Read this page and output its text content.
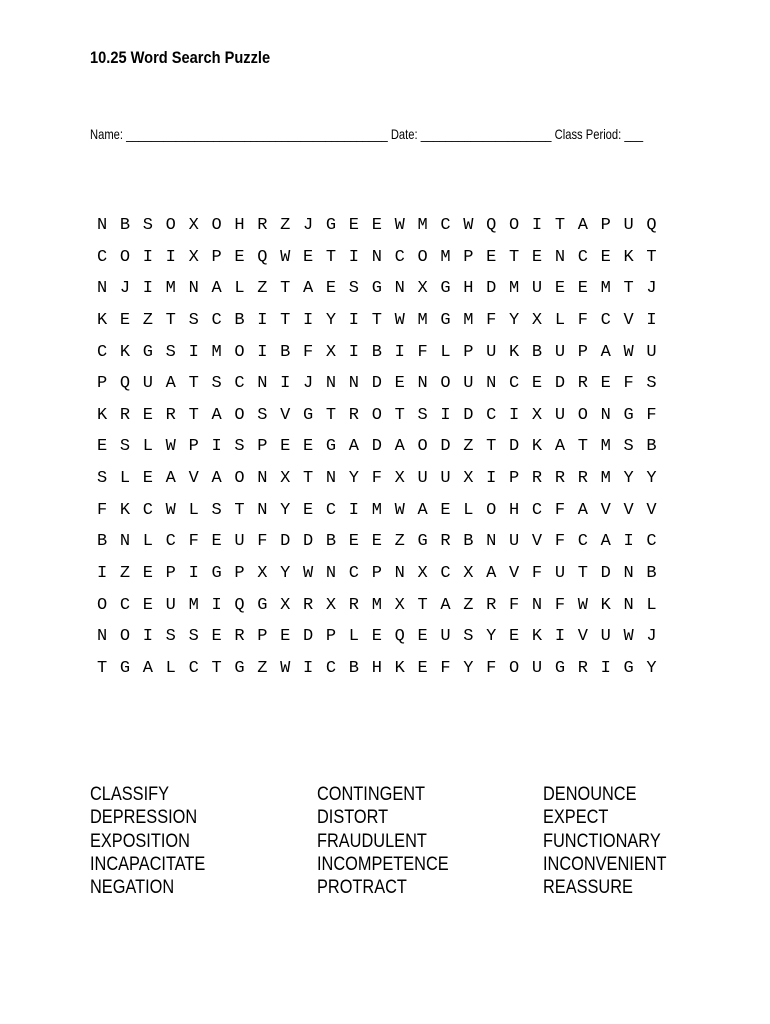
10.25 Word Search Puzzle
Name: __________________________________________ Date: _____________________ Class Period: ___
N B S O X O H R Z J G E E W M C W Q O I T A P U Q
C O I I X P E Q W E T I N C O M P E T E N C E K T
N J I M N A L Z T A E S G N X G H D M U E E M T J
K E Z T S C B I T I Y I T W M G M F Y X L F C V I
C K G S I M O I B F X I B I F L P U K B U P A W U
P Q U A T S C N I J N N D E N O U N C E D R E F S
K R E R T A O S V G T R O T S I D C I X U O N G F
E S L W P I S P E E G A D A O D Z T D K A T M S B
S L E A V A O N X T N Y F X U U X I P R R R M Y Y
F K C W L S T N Y E C I M W A E L O H C F A V V V
B N L C F E U F D D B E E Z G R B N U V F C A I C
I Z E P I G P X Y W N C P N X C X A V F U T D N B
O C E U M I Q G X R X R M X T A Z R F N F W K N L
N O I S S E R P E D P L E Q E U S Y E K I V U W J
T G A L C T G Z W I C B H K E F Y F O U G R I G Y
CLASSIFY
DEPRESSION
EXPOSITION
INCAPACITATE
NEGATION
CONTINGENT
DISTORT
FRAUDULENT
INCOMPETENCE
PROTRACT
DENOUNCE
EXPECT
FUNCTIONARY
INCONVENIENT
REASSURE
